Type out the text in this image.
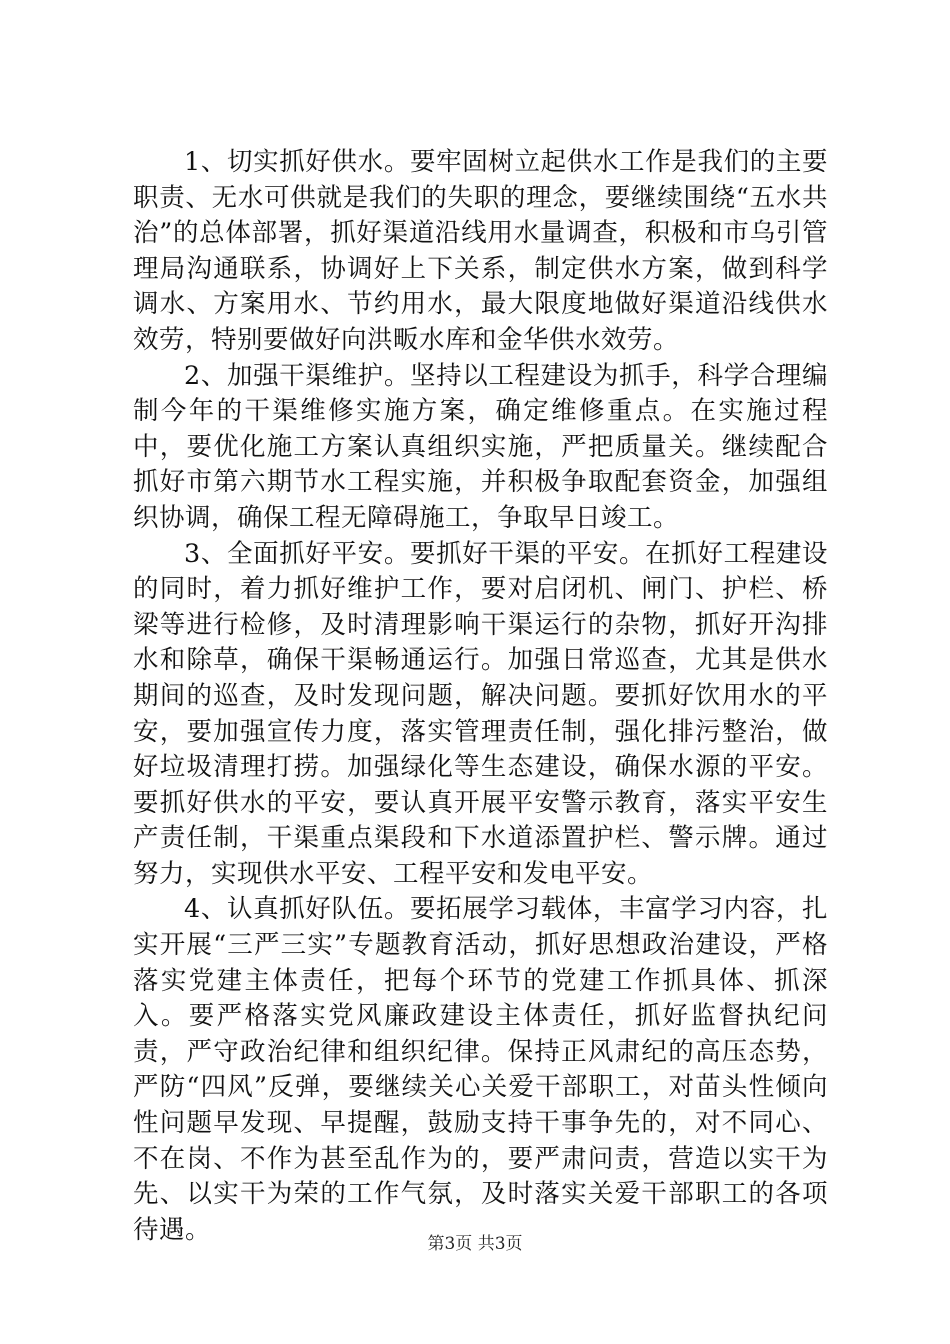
1、切实抓好供水。要牢固树立起供水工作是我们的主要职责、无水可供就是我们的失职的理念，要继续围绕“五水共治”的总体部署，抓好渠道沿线用水量调查，积极和市乌引管理局沟通联系，协调好上下关系，制定供水方案，做到科学调水、方案用水、节约用水，最大限度地做好渠道沿线供水效劳，特别要做好向洪畈水库和金华供水效劳。

2、加强干渠维护。坚持以工程建设为抓手，科学合理编制今年的干渠维修实施方案，确定维修重点。在实施过程中，要优化施工方案认真组织实施，严把质量关。继续配合抓好市第六期节水工程实施，并积极争取配套资金，加强组织协调，确保工程无障碍施工，争取早日竣工。

3、全面抓好平安。要抓好干渠的平安。在抓好工程建设的同时，着力抓好维护工作，要对启闭机、闸门、护栏、桥梁等进行检修，及时清理影响干渠运行的杂物，抓好开沟排水和除草，确保干渠畅通运行。加强日常巡查，尤其是供水期间的巡查，及时发现问题，解决问题。要抓好饮用水的平安，要加强宣传力度，落实管理责任制，强化排污整治，做好垃圾清理打捞。加强绿化等生态建设，确保水源的平安。要抓好供水的平安，要认真开展平安警示教育，落实平安生产责任制，干渠重点渠段和下水道添置护栏、警示牌。通过努力，实现供水平安、工程平安和发电平安。

4、认真抓好队伍。要拓展学习载体，丰富学习内容，扎实开展“三严三实”专题教育活动，抓好思想政治建设，严格落实党建主体责任，把每个环节的党建工作抓具体、抓深入。要严格落实党风廉政建设主体责任，抓好监督执纪问责，严守政治纪律和组织纪律。保持正风肃纪的高压态势，严防“四风”反弹，要继续关心关爱干部职工，对苗头性倾向性问题早发现、早提醒，鼓励支持干事争先的，对不同心、不在岗、不作为甚至乱作为的，要严肃问责，营造以实干为先、以实干为荣的工作气氛，及时落实关爱干部职工的各项待遇。	第3页 共3页
